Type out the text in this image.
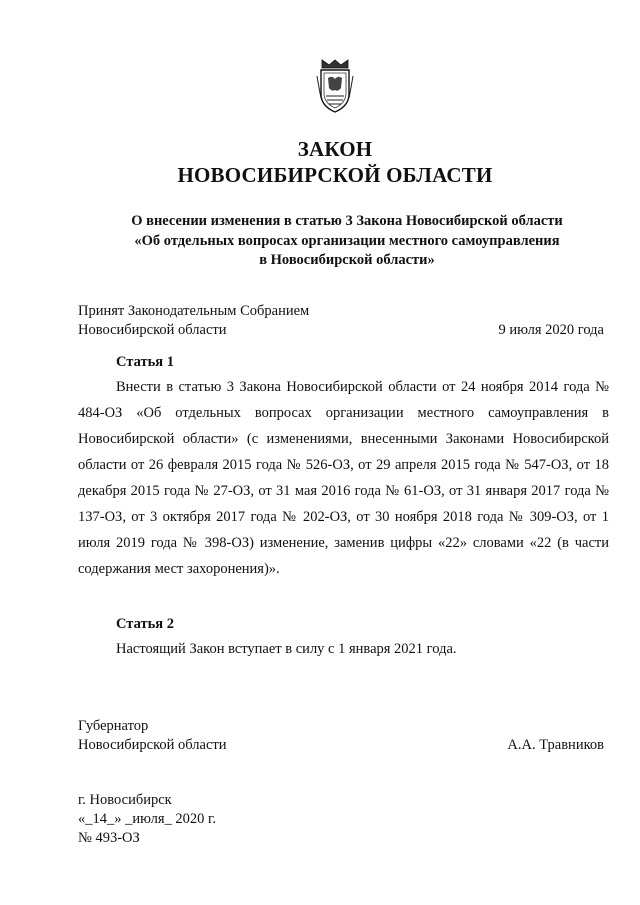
ЗАКОН
НОВОСИБИРСКОЙ ОБЛАСТИ
О внесении изменения в статью 3 Закона Новосибирской области
«Об отдельных вопросах организации местного самоуправления
в Новосибирской области»
Принят Законодательным Собранием
Новосибирской области	9 июля 2020 года
Статья 1
Внести в статью 3 Закона Новосибирской области от 24 ноября 2014 года № 484-ОЗ «Об отдельных вопросах организации местного самоуправления в Новосибирской области» (с изменениями, внесенными Законами Новосибирской области от 26 февраля 2015 года № 526-ОЗ, от 29 апреля 2015 года № 547-ОЗ, от 18 декабря 2015 года № 27-ОЗ, от 31 мая 2016 года № 61-ОЗ, от 31 января 2017 года № 137-ОЗ, от 3 октября 2017 года № 202-ОЗ, от 30 ноября 2018 года № 309-ОЗ, от 1 июля 2019 года № 398-ОЗ) изменение, заменив цифры «22» словами «22 (в части содержания мест захоронения)».
Статья 2
Настоящий Закон вступает в силу с 1 января 2021 года.
Губернатор
Новосибирской области	А.А. Травников
г. Новосибирск
«_14_» _июля_ 2020 г.
№ 493-ОЗ
